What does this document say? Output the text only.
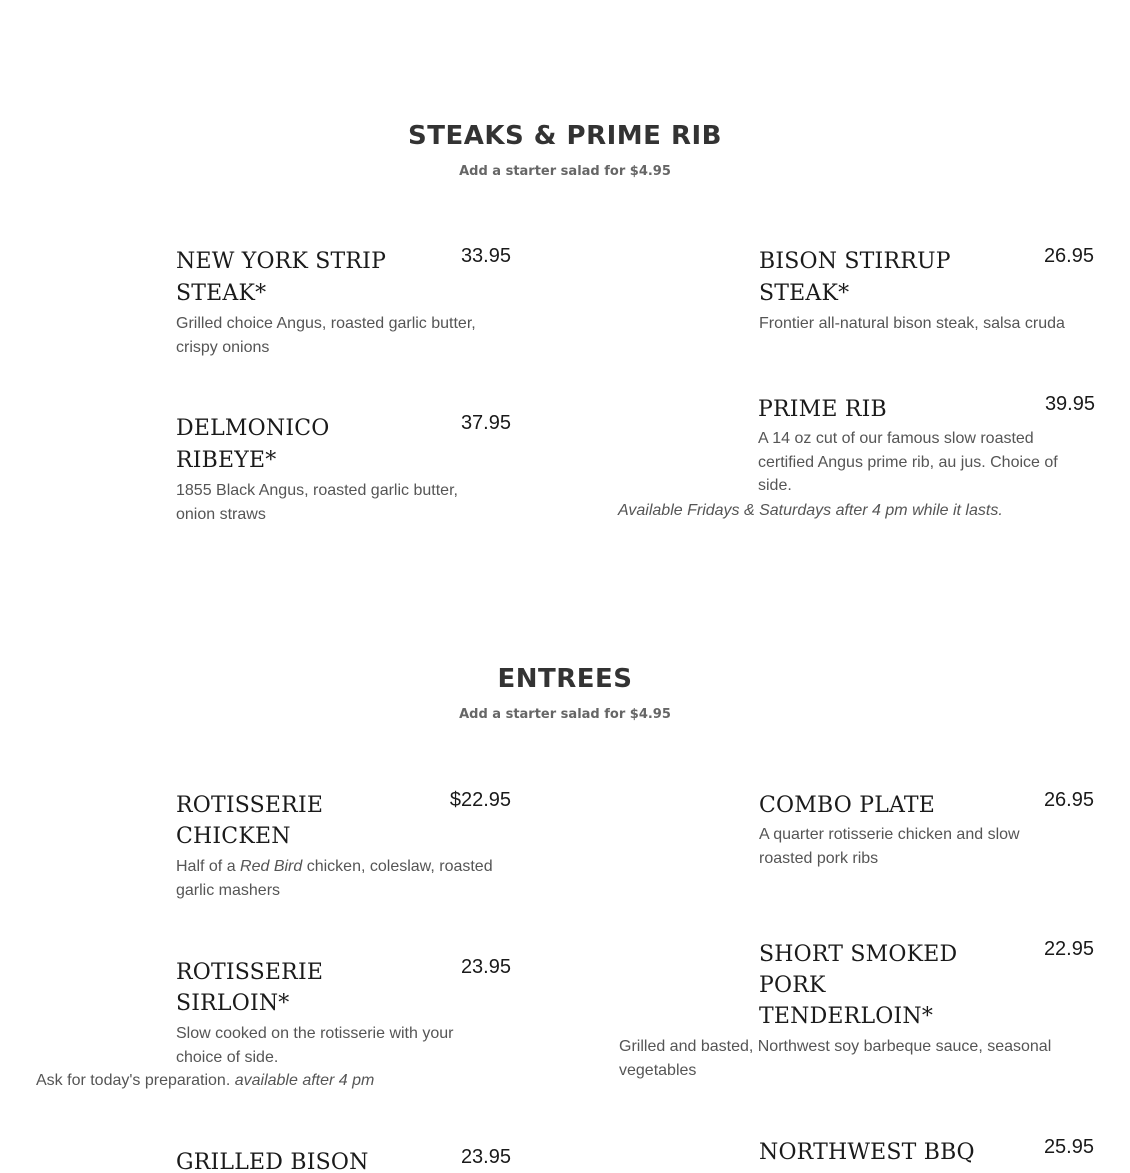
STEAKS & PRIME RIB

Add a starter salad for $4.95

NEW YORK STRIP STEAK*
33.95
Grilled choice Angus, roasted garlic butter, crispy onions
BISON STIRRUP STEAK*
26.95
Frontier all-natural bison steak, salsa cruda
DELMONICO RIBEYE*
37.95
1855 Black Angus, roasted garlic butter, onion straws
PRIME RIB	39.95
A 14 oz cut of our famous slow roasted certified Angus prime rib, au jus. Choice of side.
Available Fridays & Saturdays after 4 pm while it lasts.
ENTREES

Add a starter salad for $4.95

ROTISSERIE CHICKEN
$22.95
Half of a Red Bird chicken, coleslaw, roasted garlic mashers
COMBO PLATE	26.95
A quarter rotisserie chicken and slow roasted pork ribs
ROTISSERIE SIRLOIN*
23.95
Slow cooked on the rotisserie with your choice of side.
Ask for today's preparation. available after 4 pm
SHORT SMOKED PORK TENDERLOIN*
22.95
Grilled and basted, Northwest soy barbeque sauce, seasonal vegetables
GRILLED BISON	23.95	NORTHWEST BBQ	25.95
